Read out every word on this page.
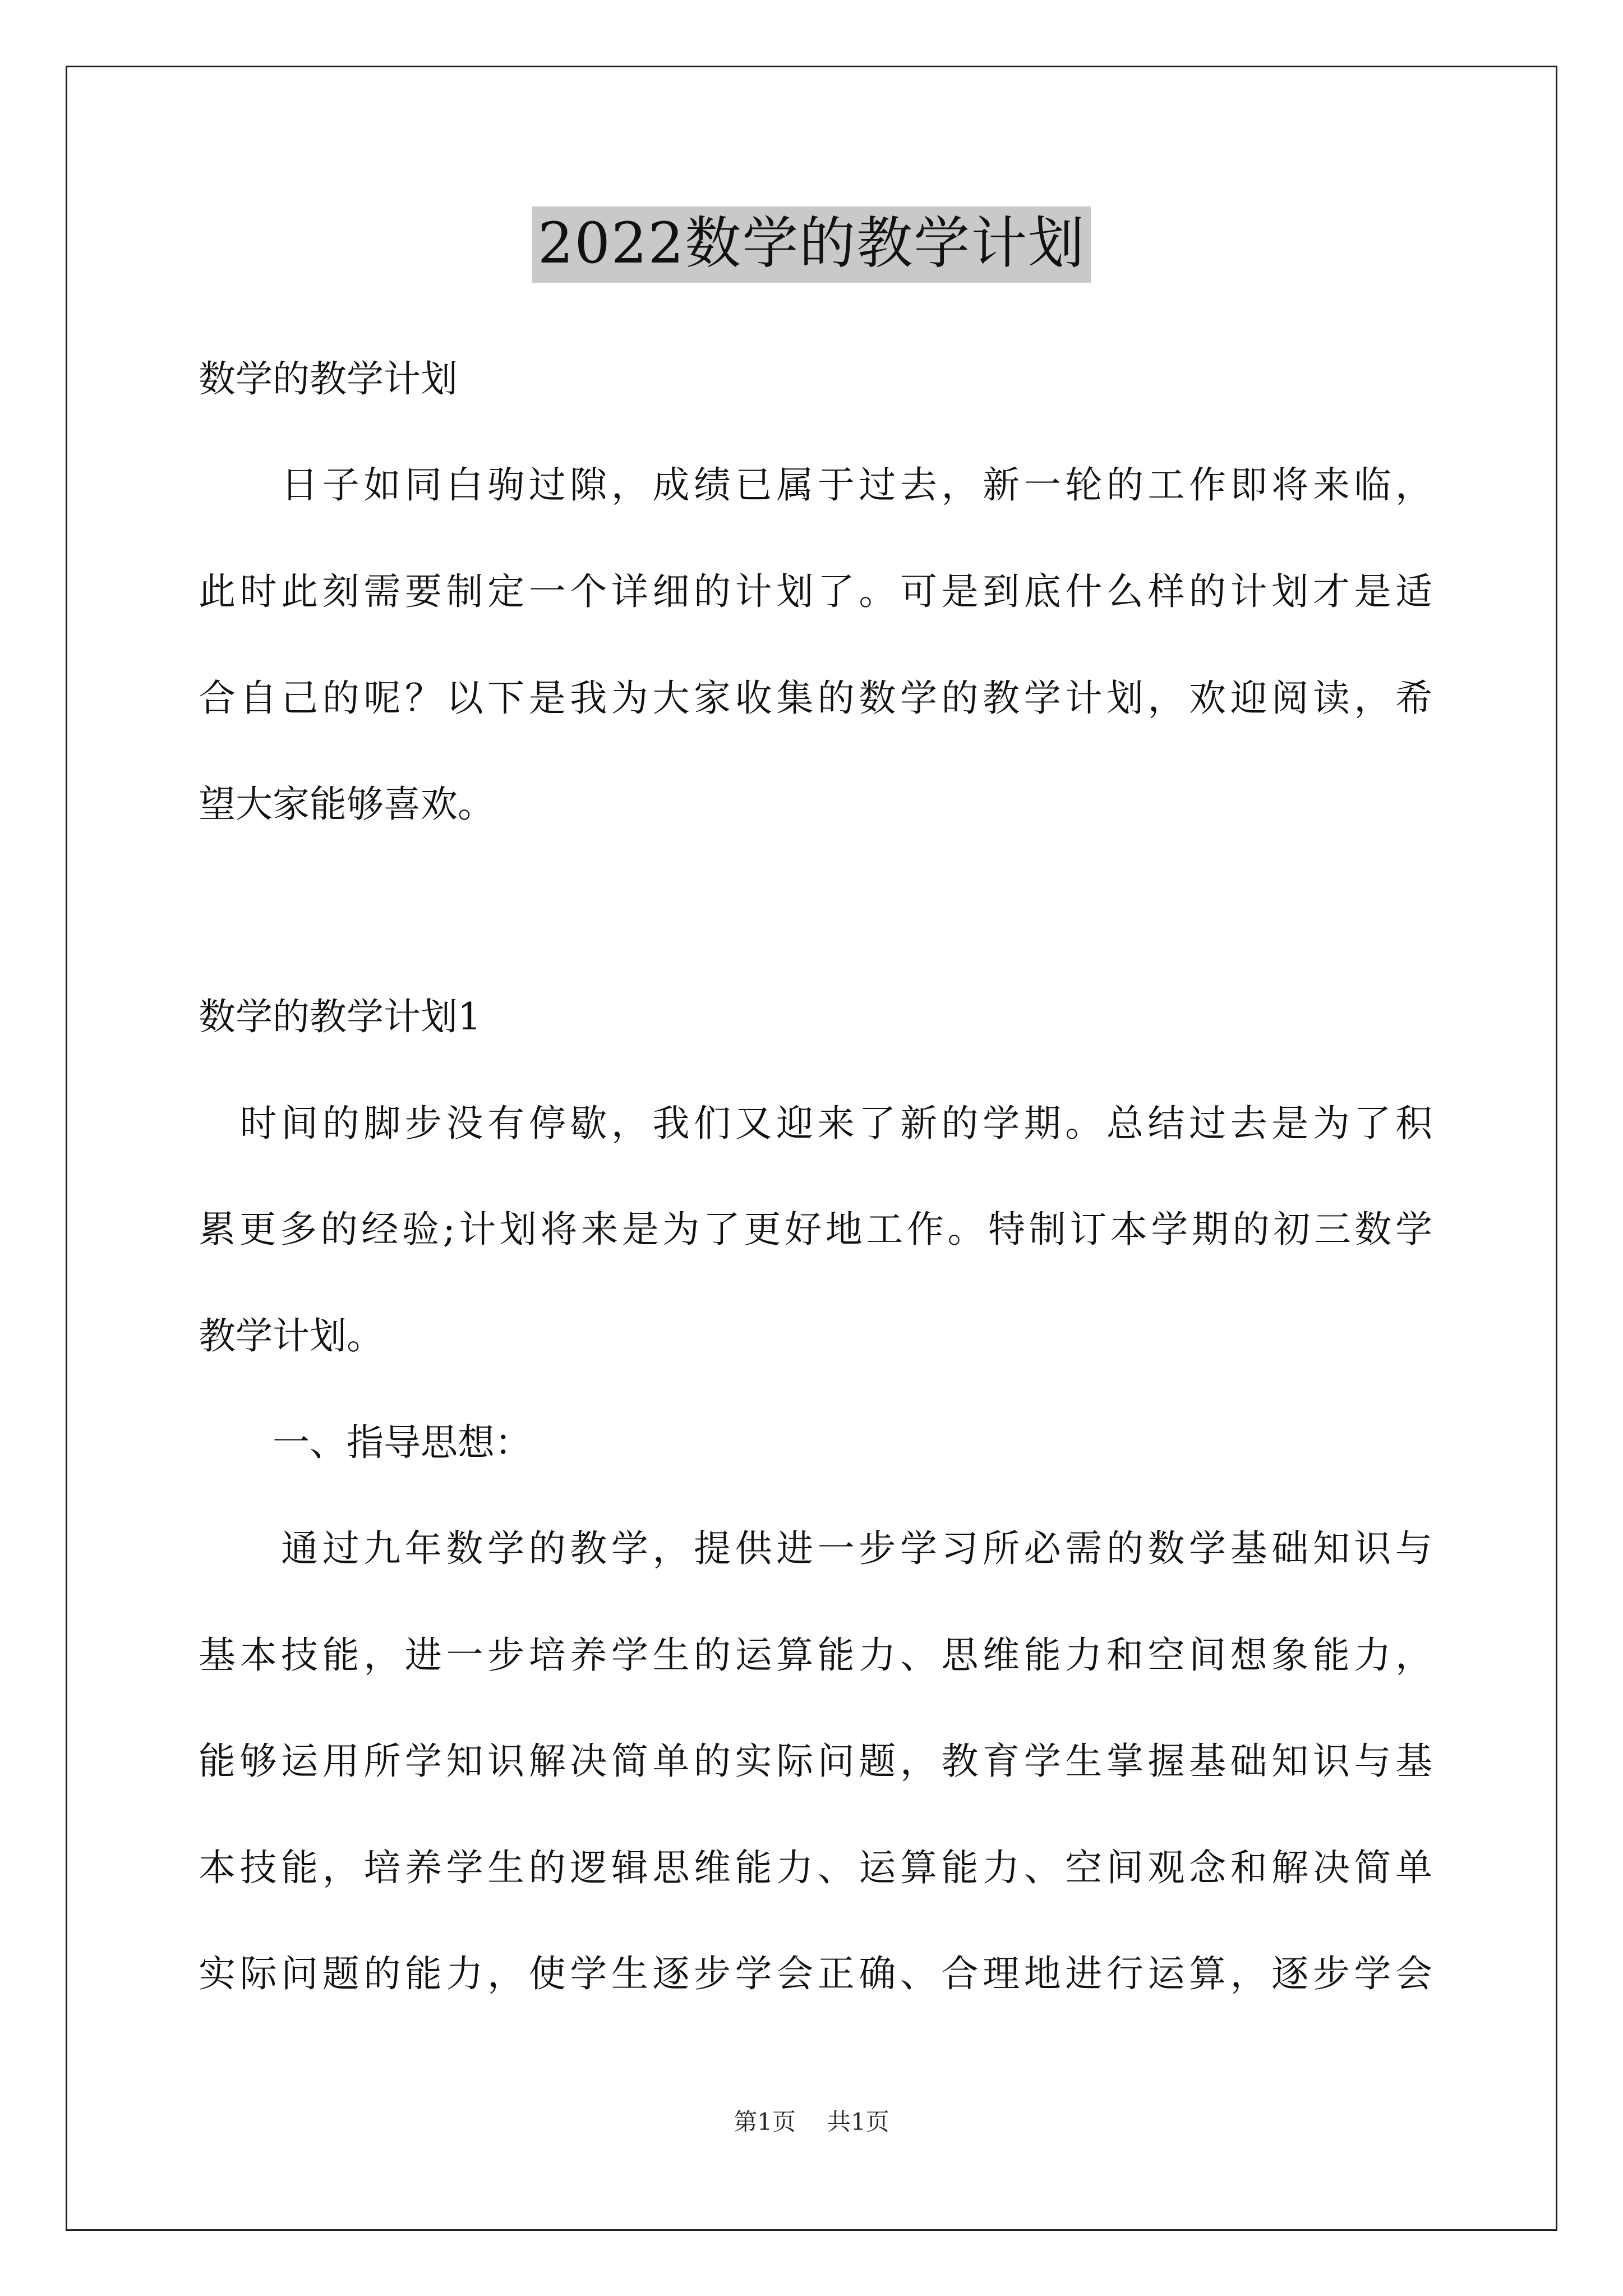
2022数学的教学计划
数学的教学计划
　　日子如同白驹过隙，成绩已属于过去，新一轮的工作即将来临，
此时此刻需要制定一个详细的计划了。可是到底什么样的计划才是适
合自己的呢？以下是我为大家收集的数学的教学计划，欢迎阅读，希
望大家能够喜欢。
数学的教学计划1
　时间的脚步没有停歇，我们又迎来了新的学期。总结过去是为了积
累更多的经验;计划将来是为了更好地工作。特制订本学期的初三数学
教学计划。
　　一、指导思想：
　　通过九年数学的教学，提供进一步学习所必需的数学基础知识与
基本技能，进一步培养学生的运算能力、思维能力和空间想象能力，
能够运用所学知识解决简单的实际问题，教育学生掌握基础知识与基
本技能，培养学生的逻辑思维能力、运算能力、空间观念和解决简单
实际问题的能力，使学生逐步学会正确、合理地进行运算，逐步学会
第1页 共1页
